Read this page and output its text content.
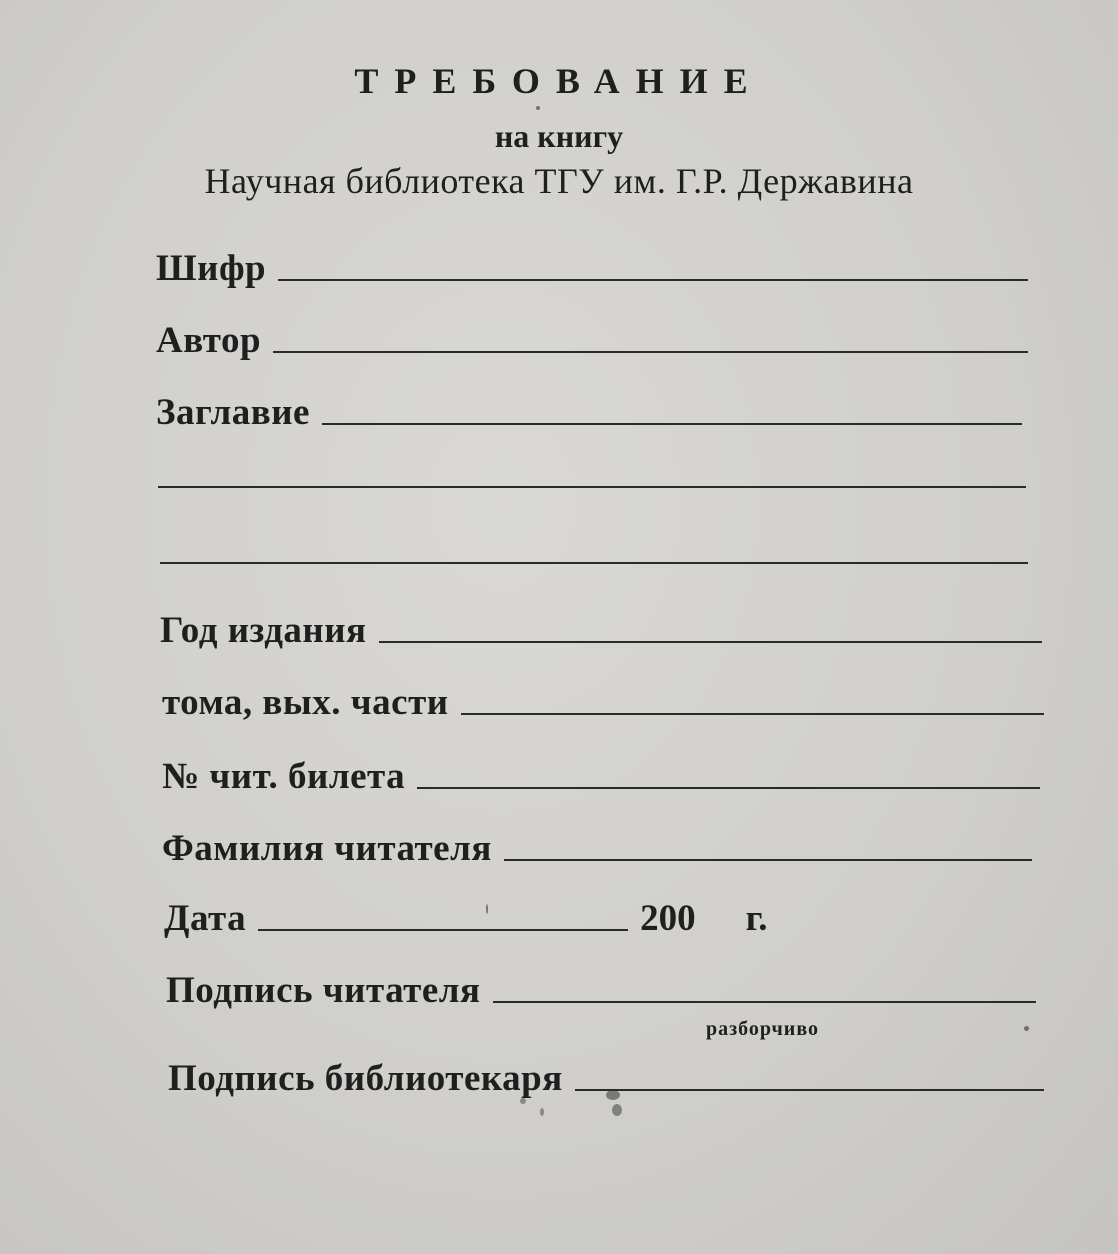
ТРЕБОВАНИЕ
на книгу
Научная библиотека ТГУ им. Г.Р. Державина
Шифр
Автор
Заглавие
Год издания
тома, вых. части
№ чит. билета
Фамилия читателя
Дата	200 г.
Подпись читателя
разборчиво
Подпись библиотекаря
